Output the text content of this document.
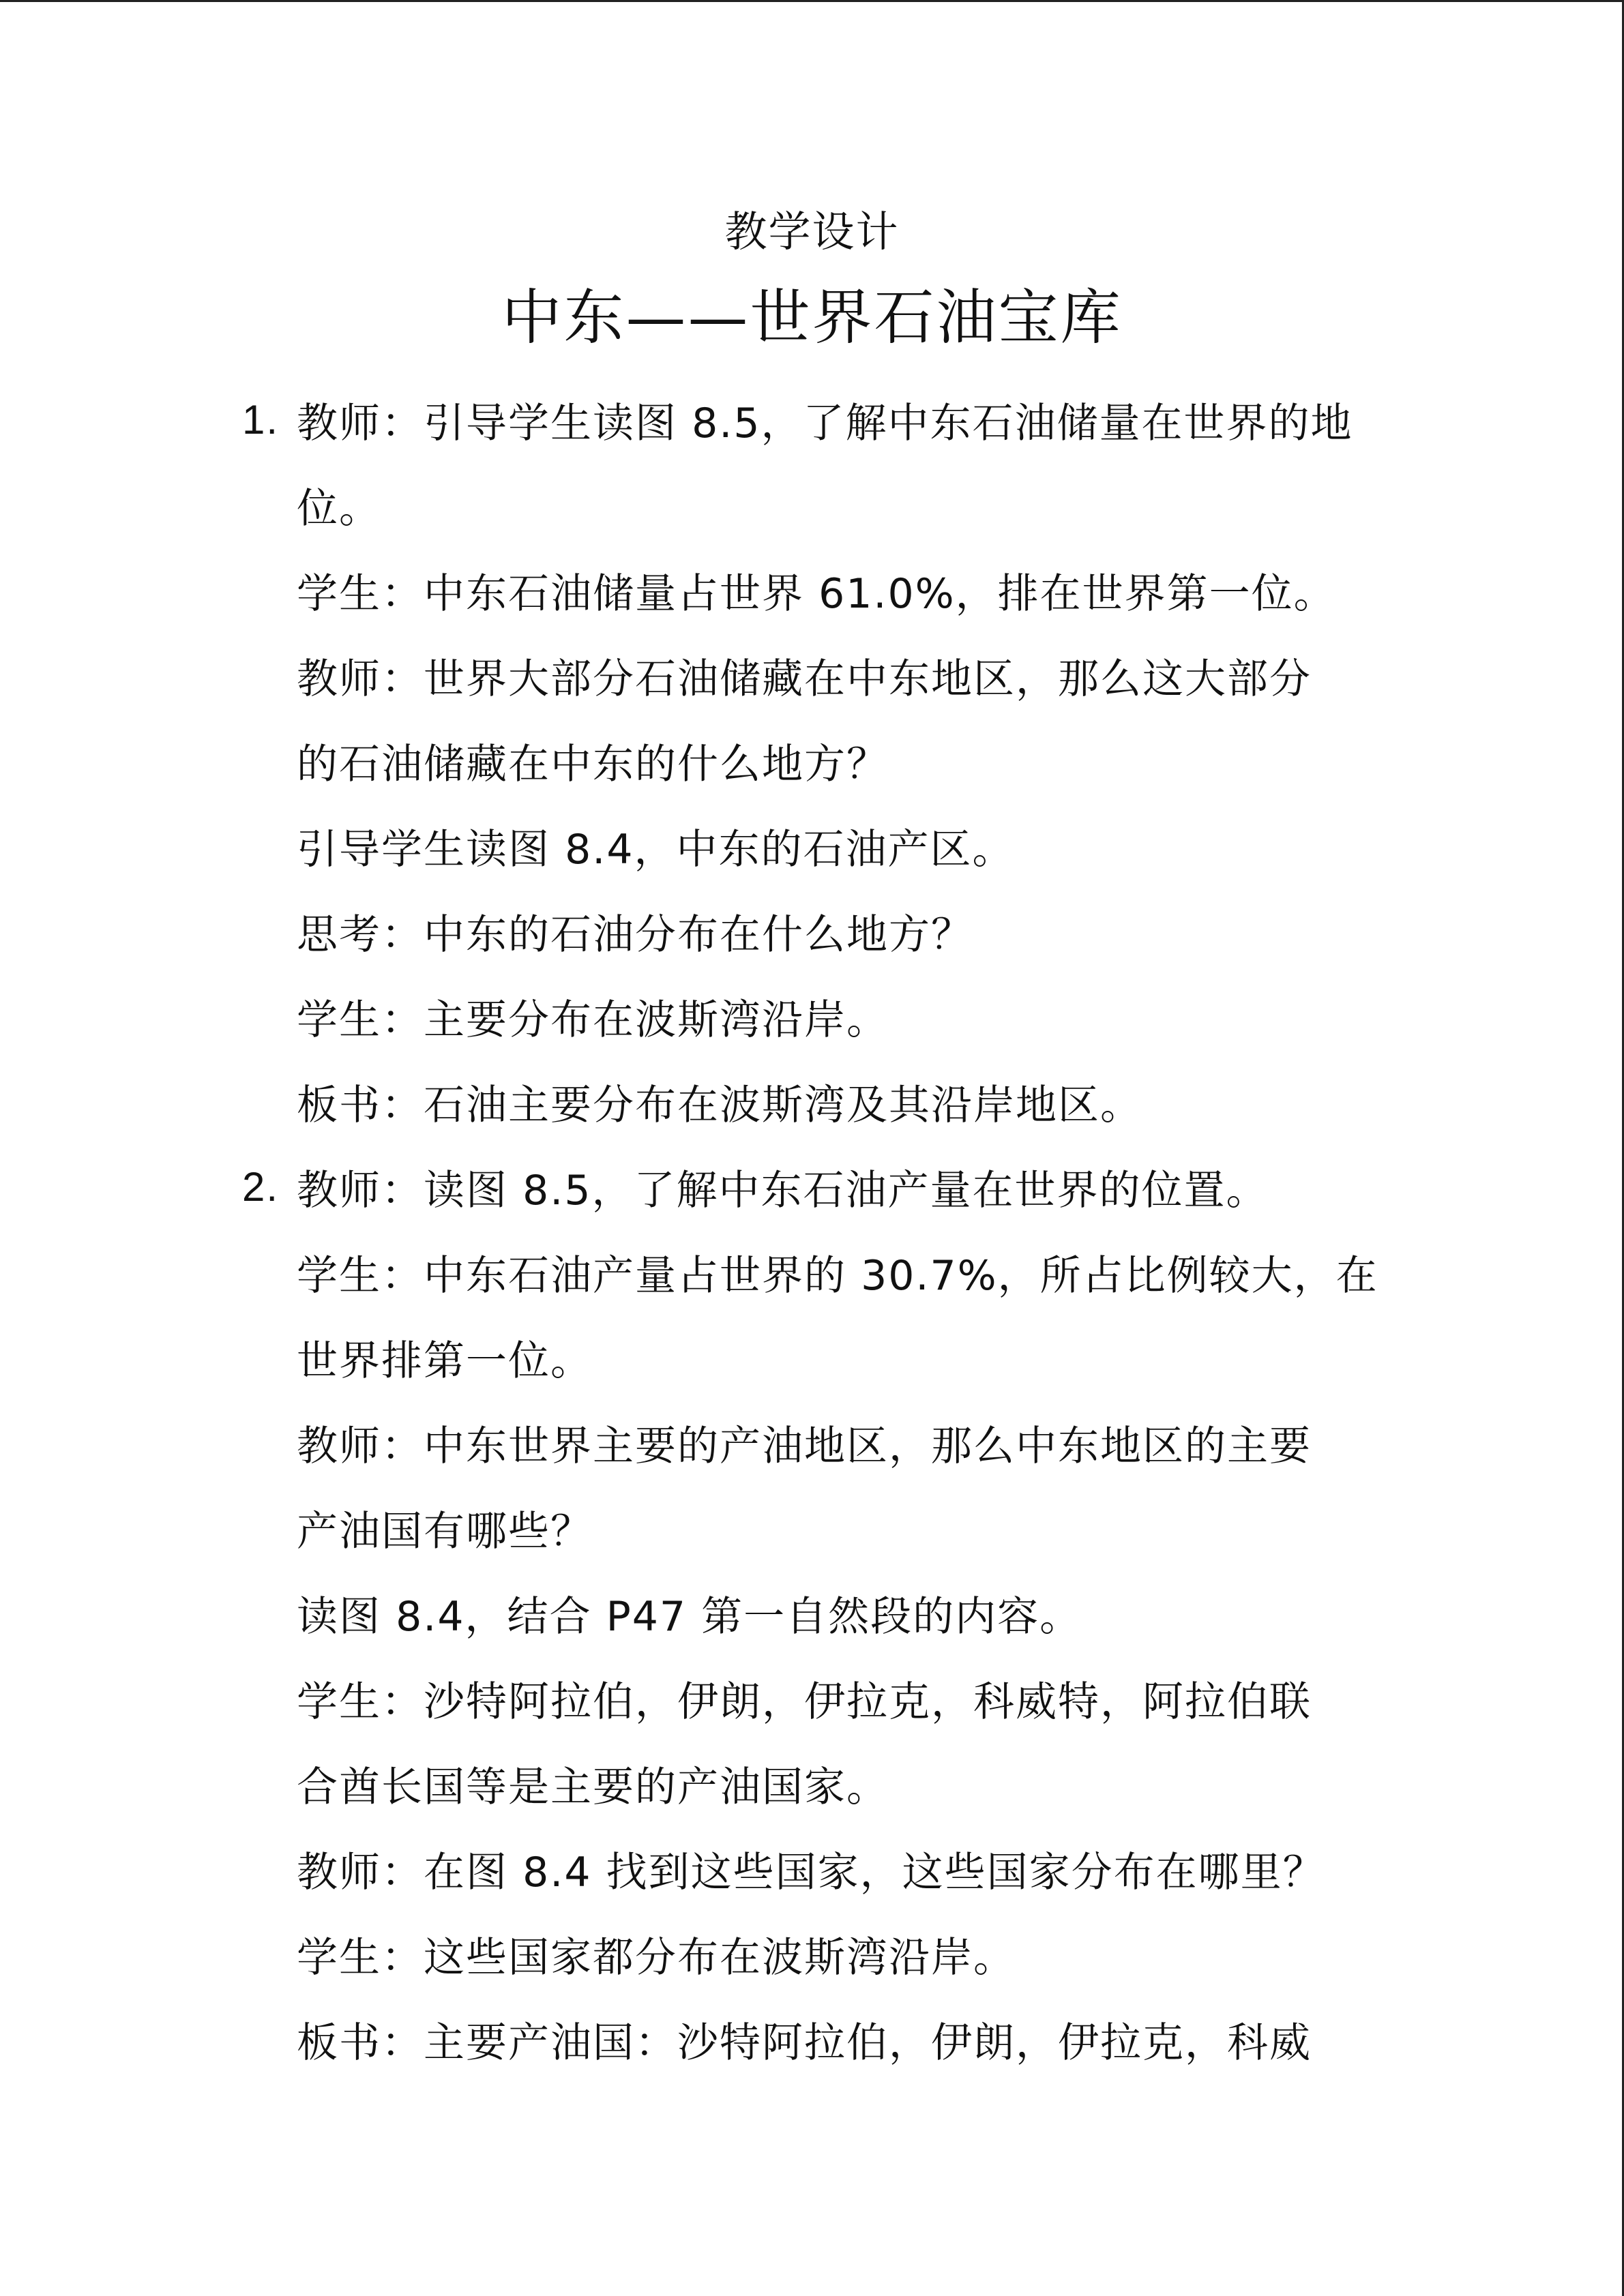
教学设计
中东——世界石油宝库
1. 教师：引导学生读图 8.5，了解中东石油储量在世界的地
位。
学生：中东石油储量占世界 61.0%，排在世界第一位。
教师：世界大部分石油储藏在中东地区，那么这大部分
的石油储藏在中东的什么地方？
引导学生读图 8.4，中东的石油产区。
思考：中东的石油分布在什么地方？
学生：主要分布在波斯湾沿岸。
板书：石油主要分布在波斯湾及其沿岸地区。
2. 教师：读图 8.5，了解中东石油产量在世界的位置。
学生：中东石油产量占世界的 30.7%，所占比例较大，在
世界排第一位。
教师：中东世界主要的产油地区，那么中东地区的主要
产油国有哪些？
读图 8.4，结合 P47 第一自然段的内容。
学生：沙特阿拉伯，伊朗，伊拉克，科威特，阿拉伯联
合酋长国等是主要的产油国家。
教师：在图 8.4 找到这些国家，这些国家分布在哪里？
学生：这些国家都分布在波斯湾沿岸。
板书：主要产油国：沙特阿拉伯，伊朗，伊拉克，科威
